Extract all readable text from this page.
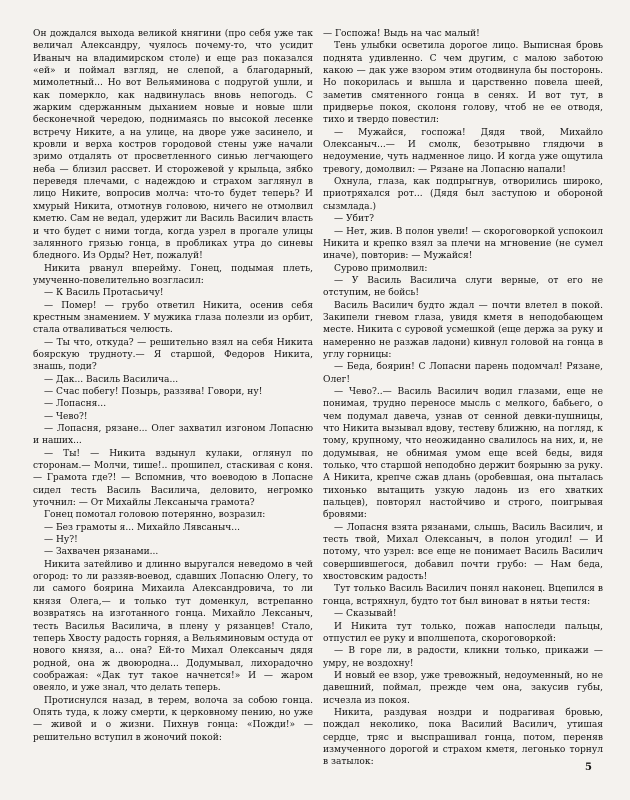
Он дождался выхода великой княгини (про себя уже так величал Александру, чуялось почему-то, что усидит Иваныч на владимирском столе) и еще раз показался «ей» и поймал взгляд, не слепой, а благодарный, мимолетный... Но вот Вельяминова с подругой ушли, и как померкло, как надвинулась вновь непогодь. С жарким сдержанным дыханием новые и новые шли бесконечной чередою, поднимаясь по высокой лесенке встречу Никите, а на улице, на дворе уже засинело, и кровли и верха костров городовой стены уже начали зримо отдалять от просветленного синью легчающего неба — близил рассвет. И сторожевой у крыльца, зябко переведя плечами, с надеждою и страхом заглянул в лицо Никите, вопросив молча: что-то будет теперь? И хмурый Никита, отмотнув головою, ничего не отмолвил кметю. Сам не ведал, удержит ли Василь Василич власть и что будет с ними тогда, когда узрел в прогале улицы залянного грязью гонца, в пробликах утра до синевы бледного. Из Орды? Нет, пожалуй!

Никита рванул вперейму. Гонец, подымая плеть, умученно-повелительно возгласил:

— К Василь Протасьичу!

— Помер! — грубо ответил Никита, осенив себя крестным знамением. У мужика глаза полезли из орбит, стала отваливаться челюсть.

— Ты что, откуда? — решительно взял на себя Никита боярскую трудноту.— Я старшой, Федоров Никита, знашь, поди?

— Дак... Василь Василича...

— Счас побегу! Позырь, раззява! Говори, ну!

— Лопасня...

— Чево?!

— Лопасня, рязане... Олег захватил изгоном Лопасню и наших...

— Ты! — Никита вздынул кулаки, оглянул по сторонам.— Молчи, тише!.. прошипел, стаскивая с коня.— Грамота где?! — Вспомнив, что воеводою в Лопасне сидел тесть Василь Василича, деловито, негромко уточнил: — От Михайлы Лексаныча грамота?

Гонец помотал головою потерянно, возразил:

— Без грамоты я... Михайло Лявсаныч...

— Ну?!

— Захвачен рязанами...

Никита затейливо и длинно выругался неведомо в чей огород: то ли раззяв-воевод, сдавших Лопасню Олегу, то ли самого боярина Михаила Александровича, то ли князя Олега,— и только тут доменкул, встрепанно возвратясь на изготанного гонца. Михайло Лексаныч, тесть Василья Василича, в плену у рязанцев! Стало, теперь Хвосту радость горняя, а Вельяминовым остуда от нового князя, а... она? Ей-то Михал Олексаныч дядя родной, она ж двоюродна... Додумывал, лихорадочно соображая: «Дак тут такое начнется!» И — жаром овеяло, и уже знал, что делать теперь.

Протиснулся назад, в терем, волоча за собою гонца. Опять туда, к ложу смерти, к церковному пению, но уже — живой и о жизни. Пихнув гонца: «Пожди!» — решительно вступил в жоночий покой:

— Госпожа! Выдь на час малый!

Тень улыбки осветила дорогое лицо. Выписная бровь поднята удивленно. С чем другим, с малою заботою какою — дак уже взором этим отодвинула бы посторонь. Но покорилась и вышла и царственно повела шеей, заметив смятенного гонца в сенях. И вот тут, в придверье покоя, сколоня голову, чтоб не ее отводя, тихо и твердо повестил:

— Мужайся, госпожа! Дядя твой, Михайло Олексаныч...— И смолк, безотрывно глядючи в недоумение, чуть надменное лицо. И когда уже ощутила тревогу, домолвил: — Рязане на Лопасню напали!

Охнула, глаза, как подпрыгнув, отворились широко, приотряхался рот... (Дядя был заступою и обороной сызмлада.)

— Убит?

— Нет, жив. В полон увели! — скороговоркой успокоил Никита и крепко взял за плечи на мгновение (не сумел иначе), повторив: — Мужайся!

Сурово примолвил:

— У Василь Василича слуги верные, от его не отступим, не бойсь!

Василь Василич будто ждал — почти влетел в покой. Закипели гневом глаза, увидя кметя в неподобающем месте. Никита с суровой усмешкой (еще держа за руку и намеренно не разжав ладони) кивнул головой на гонца в углу горницы:

— Беда, боярин! С Лопасни парень подомчал! Рязане, Олег!

— Чево?..— Василь Василич водил глазами, еще не понимая, трудно переносе мысль с мелкого, бабьего, о чем подумал давеча, узнав от сенной девки-пушницы, что Никита вызывал вдову, тестеву ближню, на погляд, к тому, крупному, что неожиданно свалилось на них, и, не додумывая, не обнимая умом еще всей беды, видя только, что старшой неподобно держит боярыню за руку. А Никита, крепче сжав длань (оробевшая, она пыталась тихонько вытащить узкую ладонь из его хватких пальцев), повторял настойчиво и строго, поигрывая бровями:

— Лопасня взята рязанами, слышь, Василь Василич, и тесть твой, Михал Олексаныч, в полон угодил! — И потому, что узрел: все еще не понимает Василь Василич совершившегося, добавил почти грубо: — Нам беда, хвостовским радость!

Тут только Василь Василич понял наконец. Вцепился в гонца, встряхнул, будто тот был виноват в нятьи тестя:

— Сказывай!

И Никита тут только, пожав напоследи пальцы, отпустил ее руку и вполшепота, скороговоркой:

— В горе ли, в радости, кликни только, прикажи — умру, не воздохну!

И новый ее взор, уже тревожный, недоуменный, но не давешний, поймал, прежде чем она, закусив губы, исчезла из покоя.

Никита, раздувая ноздри и подрагивая бровью, пождал неколико, пока Василий Василич, утишая сердце, тряс и выспрашивал гонца, потом, переняв измученного дорогой и страхом кметя, легонько торнул в затылок:	5
